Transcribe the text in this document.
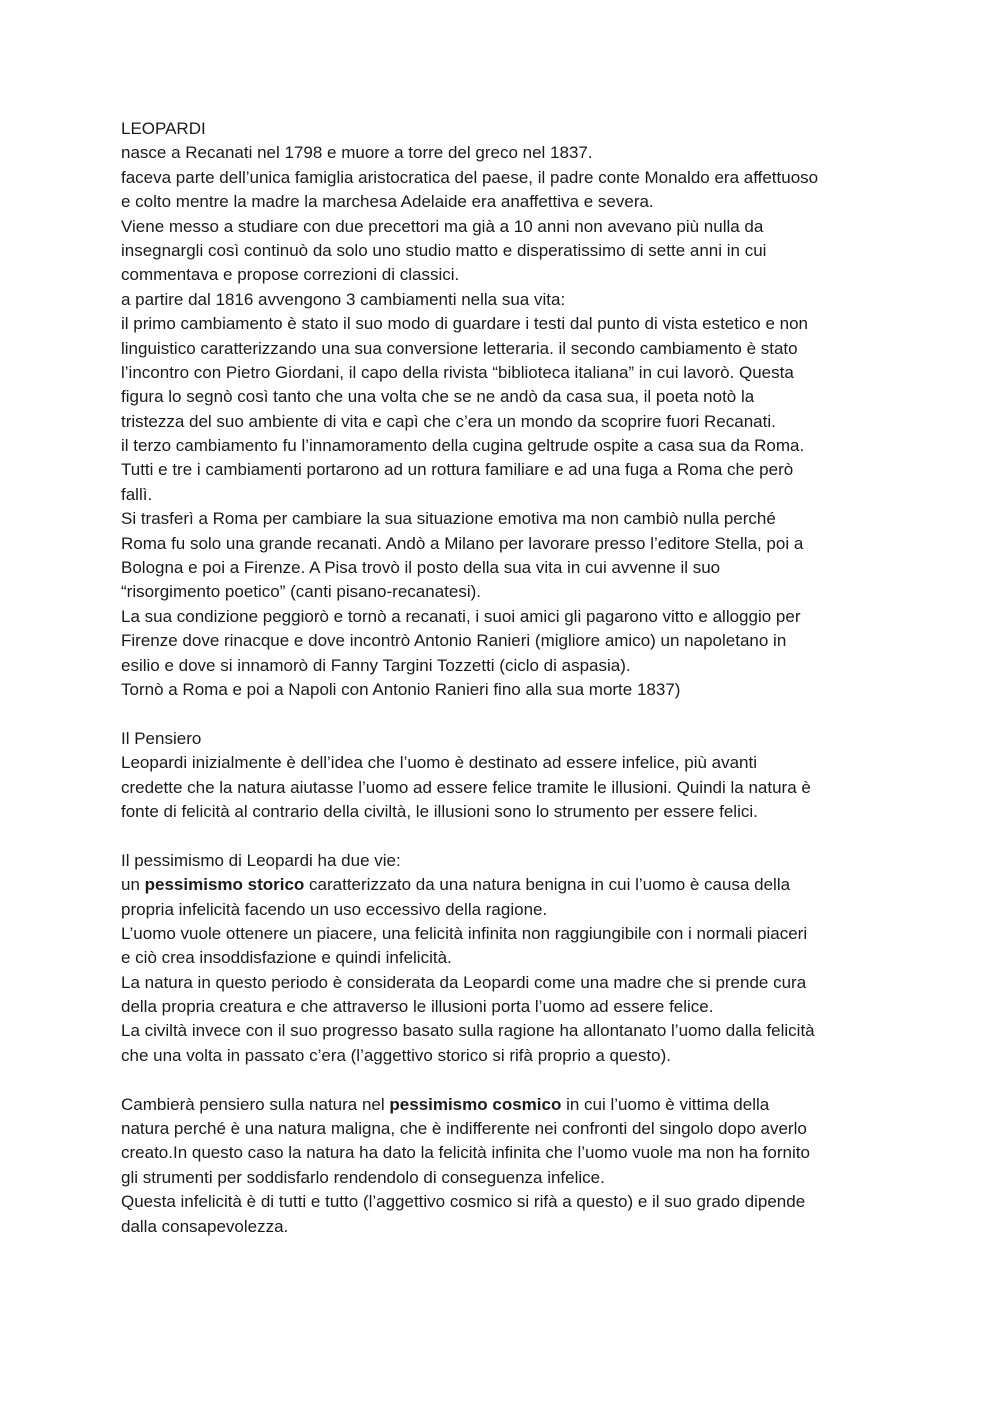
LEOPARDI
nasce a Recanati nel 1798 e muore a torre del greco nel 1837.
faceva parte dell’unica famiglia aristocratica del paese, il padre conte Monaldo era affettuoso
e colto mentre la madre la marchesa Adelaide era anaffettiva e severa.
Viene messo a studiare con due precettori ma già a 10 anni non avevano più nulla da
insegnargli così continuò da solo uno studio matto e disperatissimo di sette anni in cui
commentava e propose correzioni di classici.
a partire dal 1816 avvengono 3 cambiamenti nella sua vita:
il primo cambiamento è stato il suo modo di guardare i testi dal punto di vista estetico e non
linguistico caratterizzando una sua conversione letteraria. il secondo cambiamento è stato
l’incontro con Pietro Giordani, il capo della rivista “biblioteca italiana” in cui lavorò. Questa
figura lo segnò così tanto che una volta che se ne andò da casa sua, il poeta notò la
tristezza del suo ambiente di vita e capì che c’era un mondo da scoprire fuori Recanati.
il terzo cambiamento fu l’innamoramento della cugina geltrude ospite a casa sua da Roma.
Tutti e tre i cambiamenti portarono ad un rottura familiare e ad una fuga a Roma che però
fallì.
Si trasferì a Roma per cambiare la sua situazione emotiva ma non cambiò nulla perché
Roma fu solo una grande recanati. Andò a Milano per lavorare presso l’editore Stella, poi a
Bologna e poi a Firenze. A Pisa trovò il posto della sua vita in cui avvenne il suo
“risorgimento poetico” (canti pisano-recanatesi).
La sua condizione peggiorò e tornò a recanati, i suoi amici gli pagarono vitto e alloggio per
Firenze dove rinacque e dove incontrò Antonio Ranieri (migliore amico) un napoletano in
esilio e dove si innamorò di Fanny Targini Tozzetti (ciclo di aspasia).
Tornò a Roma e poi a Napoli con Antonio Ranieri fino alla sua morte 1837)
Il Pensiero
Leopardi inizialmente è dell’idea che l’uomo è destinato ad essere infelice, più avanti
credette che la natura aiutasse l’uomo ad essere felice tramite le illusioni. Quindi la natura è
fonte di felicità al contrario della civiltà, le illusioni sono lo strumento per essere felici.
Il pessimismo di Leopardi ha due vie:
un pessimismo storico caratterizzato da una natura benigna in cui l’uomo è causa della
propria infelicità facendo un uso eccessivo della ragione.
L’uomo vuole ottenere un piacere, una felicità infinita non raggiungibile con i normali piaceri
e ciò crea insoddisfazione e quindi infelicità.
La natura in questo periodo è considerata da Leopardi come una madre che si prende cura
della propria creatura e che attraverso le illusioni porta l’uomo ad essere felice.
La civiltà invece con il suo progresso basato sulla ragione ha allontanato l’uomo dalla felicità
che una volta in passato c’era (l’aggettivo storico si rifà proprio a questo).
Cambierà pensiero sulla natura nel pessimismo cosmico in cui l’uomo è vittima della
natura perché è una natura maligna, che è indifferente nei confronti del singolo dopo averlo
creato.In questo caso la natura ha dato la felicità infinita che l’uomo vuole ma non ha fornito
gli strumenti per soddisfarlo rendendolo di conseguenza infelice.
Questa infelicità è di tutti e tutto (l’aggettivo cosmico si rifà a questo) e il suo grado dipende
dalla consapevolezza.
